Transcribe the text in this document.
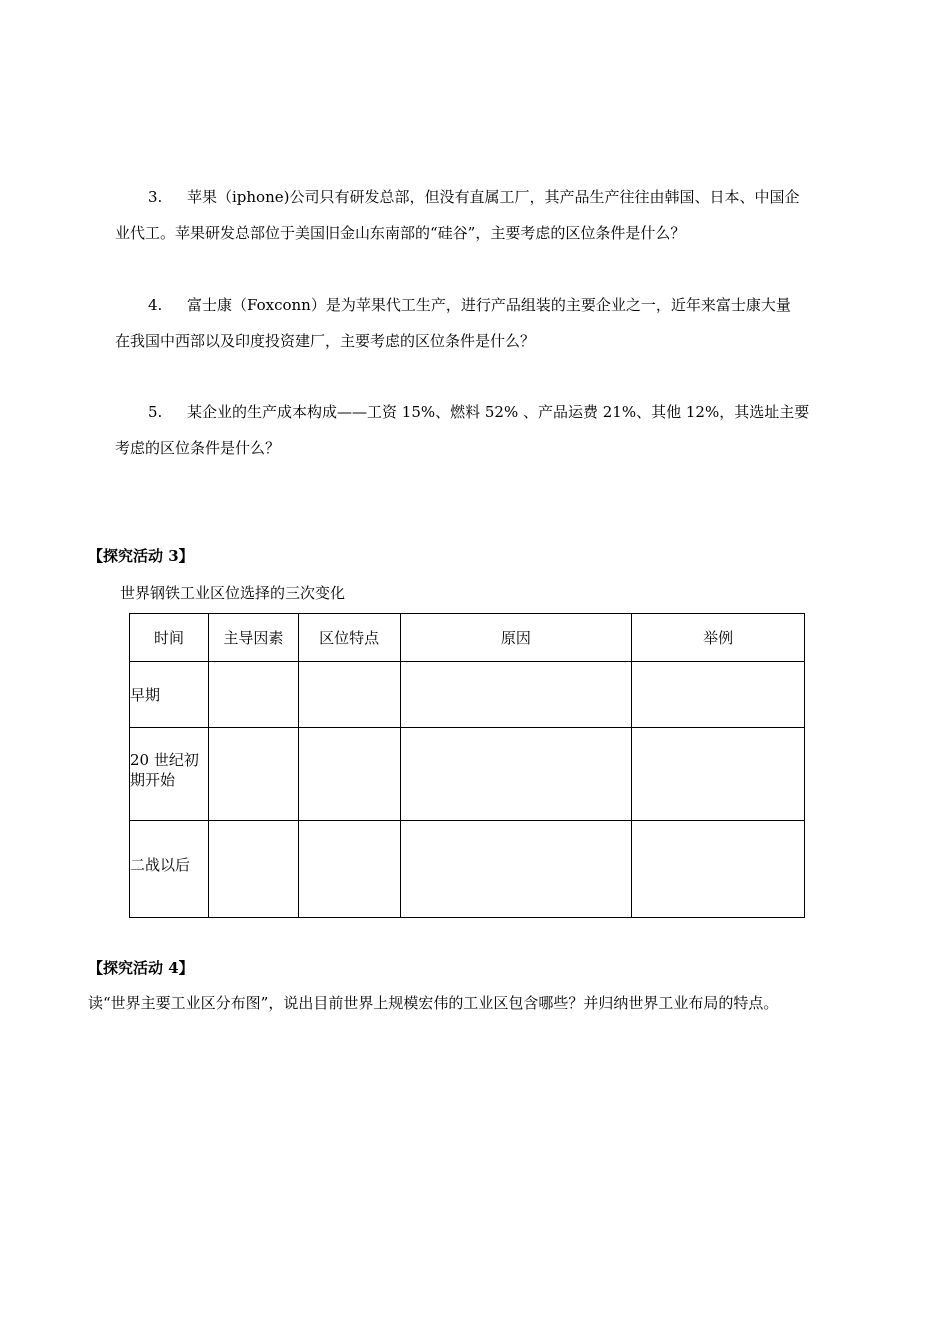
3. 苹果（iphone)公司只有研发总部，但没有直属工厂，其产品生产往往由韩国、日本、中国企
业代工。苹果研发总部位于美国旧金山东南部的“硅谷”，主要考虑的区位条件是什么？
4. 富士康（Foxconn）是为苹果代工生产，进行产品组装的主要企业之一，近年来富士康大量
在我国中西部以及印度投资建厂，主要考虑的区位条件是什么？
5. 某企业的生产成本构成——工资 15%、燃料 52% 、产品运费 21%、其他 12%，其选址主要
考虑的区位条件是什么？
【探究活动 3】
世界钢铁工业区位选择的三次变化
时间	主导因素	区位特点	原因	举例
早期				
20 世纪初期开始				
二战以后				
【探究活动 4】
读“世界主要工业区分布图”，说出目前世界上规模宏伟的工业区包含哪些？并归纳世界工业布局的特点。
